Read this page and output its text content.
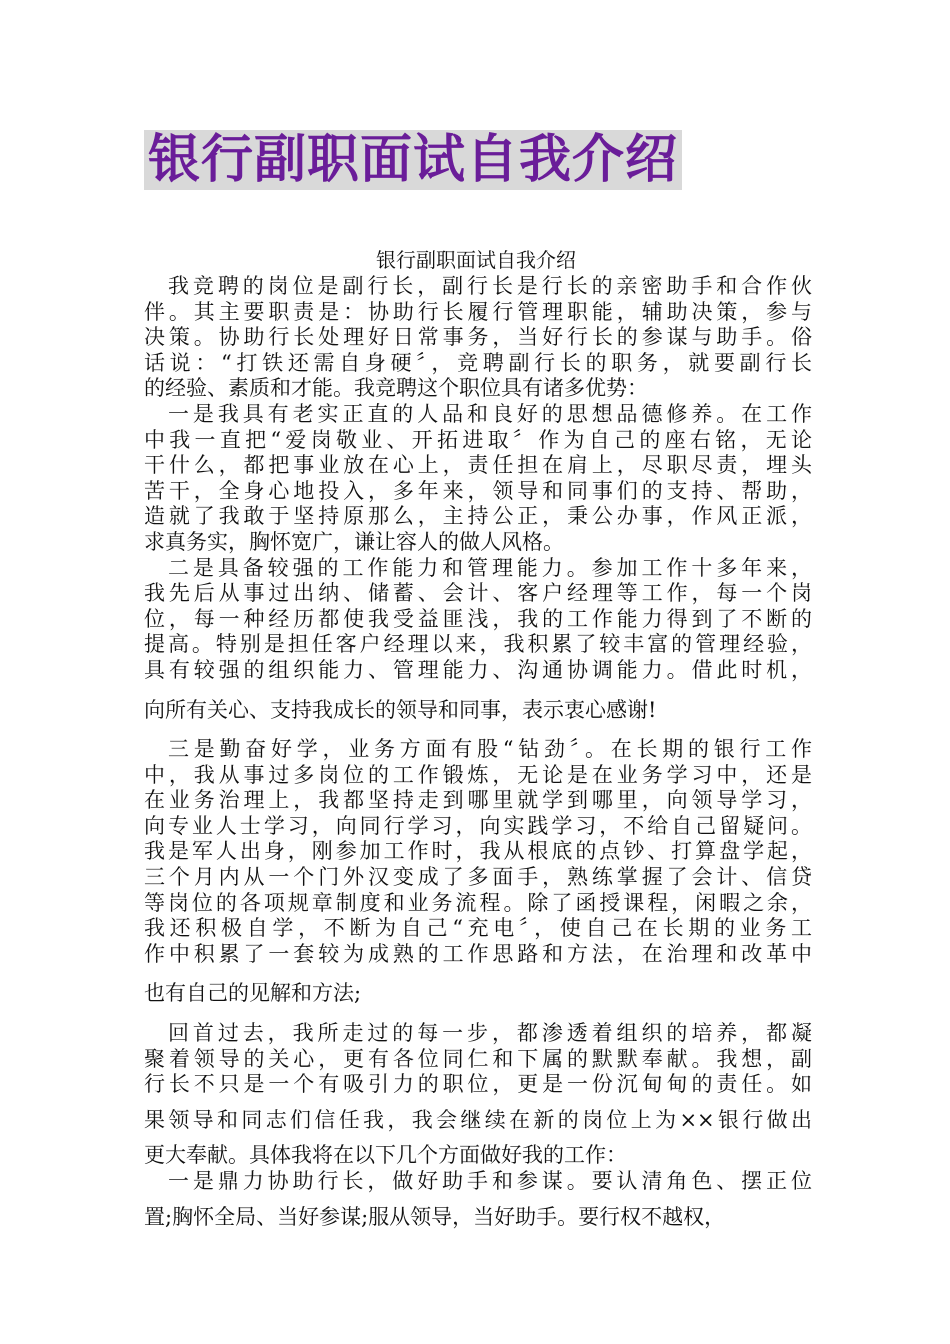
银行副职面试自我介绍
银行副职面试自我介绍
我竞聘的岗位是副行长，副行长是行长的亲密助手和合作伙
伴。其主要职责是：协助行长履行管理职能，辅助决策，参与
决策。协助行长处理好日常事务，当好行长的参谋与助手。俗
话说：“打铁还需自身硬〞，竞聘副行长的职务，就要副行长
的经验、素质和才能。我竞聘这个职位具有诸多优势：
一是我具有老实正直的人品和良好的思想品德修养。在工作
中我一直把“爱岗敬业、开拓进取〞作为自己的座右铭，无论
干什么，都把事业放在心上，责任担在肩上，尽职尽责，埋头
苦干，全身心地投入，多年来，领导和同事们的支持、帮助，
造就了我敢于坚持原那么，主持公正，秉公办事，作风正派，
求真务实，胸怀宽广，谦让容人的做人风格。
二是具备较强的工作能力和管理能力。参加工作十多年来，
我先后从事过出纳、储蓄、会计、客户经理等工作，每一个岗
位，每一种经历都使我受益匪浅，我的工作能力得到了不断的
提高。特别是担任客户经理以来，我积累了较丰富的管理经验，
具有较强的组织能力、管理能力、沟通协调能力。借此时机，
向所有关心、支持我成长的领导和同事，表示衷心感谢!
三是勤奋好学，业务方面有股“钻劲〞。在长期的银行工作
中，我从事过多岗位的工作锻炼，无论是在业务学习中，还是
在业务治理上，我都坚持走到哪里就学到哪里，向领导学习，
向专业人士学习，向同行学习，向实践学习，不给自己留疑问。
我是军人出身，刚参加工作时，我从根底的点钞、打算盘学起，
三个月内从一个门外汉变成了多面手，熟练掌握了会计、信贷
等岗位的各项规章制度和业务流程。除了函授课程，闲暇之余，
我还积极自学，不断为自己“充电〞，使自己在长期的业务工
作中积累了一套较为成熟的工作思路和方法，在治理和改革中
也有自己的见解和方法;
回首过去，我所走过的每一步，都渗透着组织的培养，都凝
聚着领导的关心，更有各位同仁和下属的默默奉献。我想，副
行长不只是一个有吸引力的职位，更是一份沉甸甸的责任。如
果领导和同志们信任我，我会继续在新的岗位上为××银行做出
更大奉献。具体我将在以下几个方面做好我的工作：
一是鼎力协助行长，做好助手和参谋。要认清角色、摆正位
置;胸怀全局、当好参谋;服从领导，当好助手。要行权不越权，
